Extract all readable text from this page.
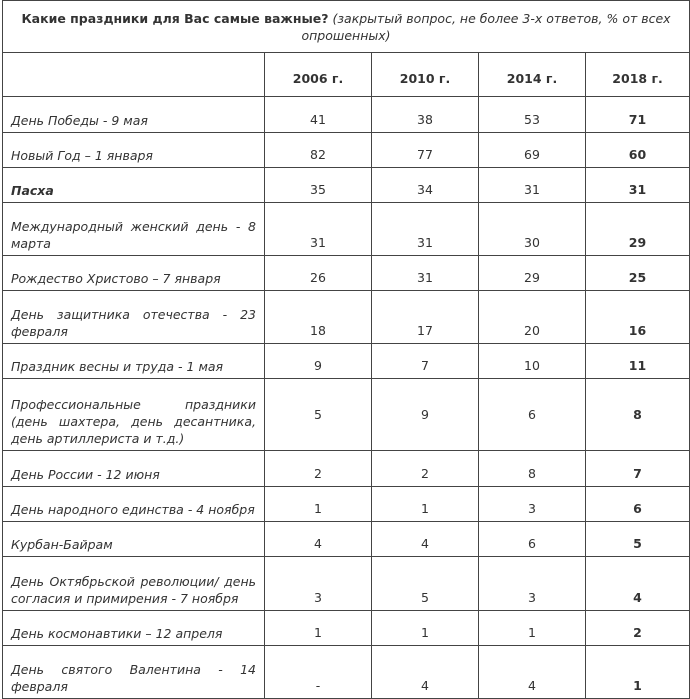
Какие праздники для Вас самые важные? (закрытый вопрос, не более 3-х ответов, % от всех опрошенных)				
	2006 г.	2010 г.	2014 г.	2018 г.
День Победы - 9 мая	41	38	53	71
Новый Год – 1 января	82	77	69	60
Пасха	35	34	31	31
Международный женский день - 8 марта	31	31	30	29
Рождество Христово – 7 января	26	31	29	25
День защитника отечества - 23 февраля	18	17	20	16
Праздник весны и труда - 1 мая	9	7	10	11
Профессиональные праздники (день шахтера, день десантника, день артиллериста и т.д.)	5	9	6	8
День России - 12 июня	2	2	8	7
День народного единства - 4 ноября	1	1	3	6
Курбан-Байрам	4	4	6	5
День Октябрьской революции/ день согласия и примирения - 7 ноября	3	5	3	4
День космонавтики – 12 апреля	1	1	1	2
День святого Валентина - 14 февраля	-	4	4	1
